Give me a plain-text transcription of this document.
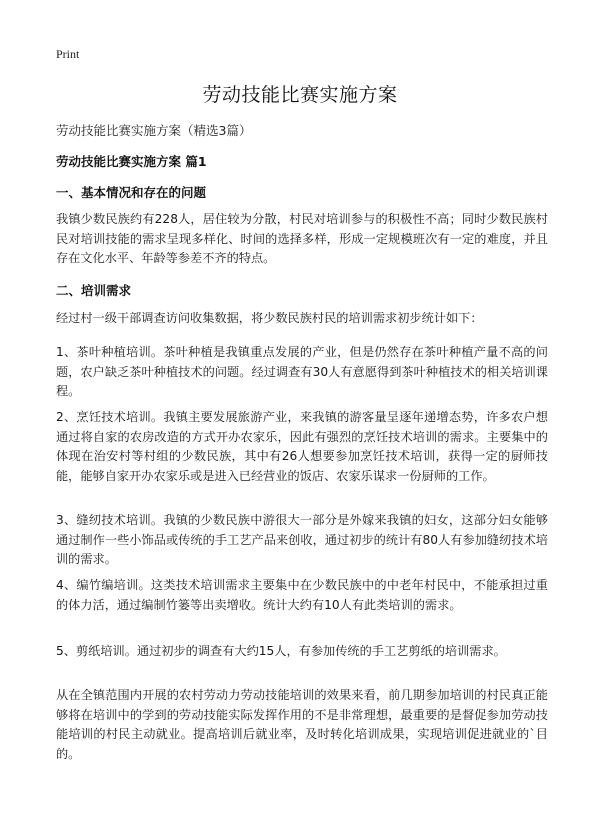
Print
劳动技能比赛实施方案
劳动技能比赛实施方案（精选3篇）
劳动技能比赛实施方案 篇1
一、基本情况和存在的问题
我镇少数民族约有228人，居住较为分散，村民对培训参与的积极性不高；同时少数民族村民对培训技能的需求呈现多样化、时间的选择多样，形成一定规模班次有一定的难度，并且存在文化水平、年龄等参差不齐的特点。
二、培训需求
经过村一级干部调查访问收集数据，将少数民族村民的培训需求初步统计如下：
1、茶叶种植培训。茶叶种植是我镇重点发展的产业，但是仍然存在茶叶种植产量不高的问题，农户缺乏茶叶种植技术的问题。经过调查有30人有意愿得到茶叶种植技术的相关培训课程。
2、烹饪技术培训。我镇主要发展旅游产业，来我镇的游客量呈逐年递增态势，许多农户想通过将自家的农房改造的方式开办农家乐，因此有强烈的烹饪技术培训的需求。主要集中的体现在治安村等村组的少数民族，其中有26人想要参加烹饪技术培训，获得一定的厨师技能，能够自家开办农家乐或是进入已经营业的饭店、农家乐谋求一份厨师的工作。
3、缝纫技术培训。我镇的少数民族中游很大一部分是外嫁来我镇的妇女，这部分妇女能够通过制作一些小饰品或传统的手工艺产品来创收，通过初步的统计有80人有参加缝纫技术培训的需求。
4、编竹编培训。这类技术培训需求主要集中在少数民族中的中老年村民中，不能承担过重的体力活，通过编制竹篓等出卖增收。统计大约有10人有此类培训的需求。
5、剪纸培训。通过初步的调查有大约15人，有参加传统的手工艺剪纸的培训需求。
从在全镇范围内开展的农村劳动力劳动技能培训的效果来看，前几期参加培训的村民真正能够将在培训中的学到的劳动技能实际发挥作用的不是非常理想，最重要的是督促参加劳动技能培训的村民主动就业。提高培训后就业率，及时转化培训成果，实现培训促进就业的`目的。
